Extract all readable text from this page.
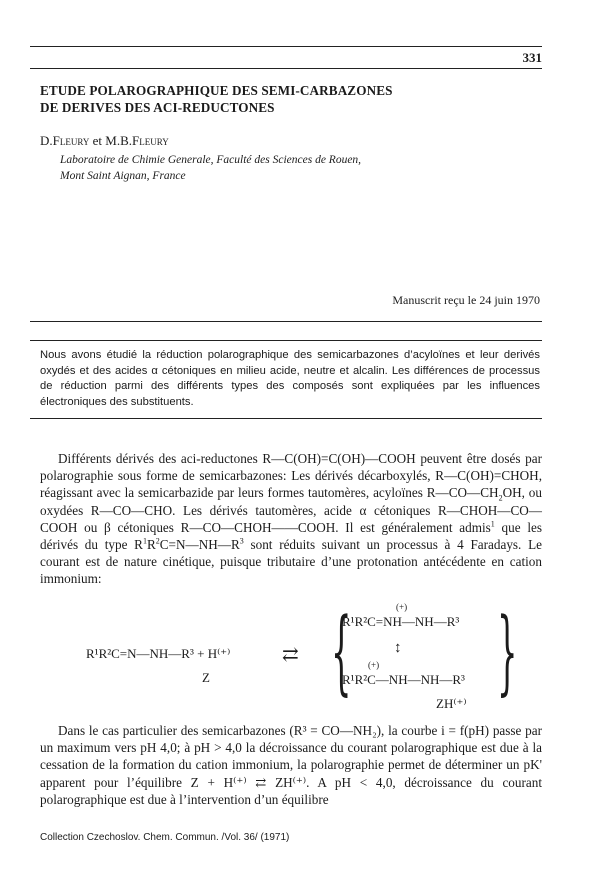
331
ETUDE POLAROGRAPHIQUE DES SEMI-CARBAZONES
DE DERIVES DES ACI-REDUCTONES
D.Fleury et M.B.Fleury
Laboratoire de Chimie Generale, Faculté des Sciences de Rouen,
Mont Saint Aignan, France
Manuscrit reçu le 24 juin 1970
Nous avons étudié la réduction polarographique des semicarbazones d’acyloïnes et leur derivés oxydés et des acides α cétoniques en milieu acide, neutre et alcalin. Les différences de processus de réduction parmi des différents types des composés sont expliquées par les influences électroniques des substituents.
Différents dérivés des aci-reductones R—C(OH)=C(OH)—COOH peuvent être dosés par polarographie sous forme de semicarbazones: Les dérivés décarboxylés, R—C(OH)=CHOH, réagissant avec la semicarbazide par leurs formes tautomères, acyloïnes $R—CO—CH_2OH$, ou oxydées R—CO—CHO. Les dérivés tautomères, acide α cétoniques R—CHOH—CO—COOH ou β cétoniques R—CO—CHOH——COOH. Il est généralement admis$^1$ que les dérivés du type $R^1R^2C=N—NH—R^3$ sont réduits suivant un processus à 4 Faradays. Le courant est de nature cinétique, puisque tributaire d’une protonation antécédente en cation immonium:
R¹R²C=N—NH—R³ + H⁽⁺⁾
Z
⇄ {	(+)
R¹R²C=NH—NH—R³
↕
(+)
R¹R²C—NH—NH—R³ }
ZH⁽⁺⁾
Dans le cas particulier des semicarbazones (R³ = CO—NH₂), la courbe i = f(pH) passe par un maximum vers pH 4,0; à pH > 4,0 la décroissance du courant polarographique est due à la cessation de la formation du cation immonium, la polarographie permet de déterminer un pK' apparent pour l’équilibre Z + H⁽⁺⁾ ⇄ ZH⁽⁺⁾. A pH < 4,0, décroissance du courant polarographique est due à l’intervention d’un équilibre
Collection Czechoslov. Chem. Commun. /Vol. 36/ (1971)
